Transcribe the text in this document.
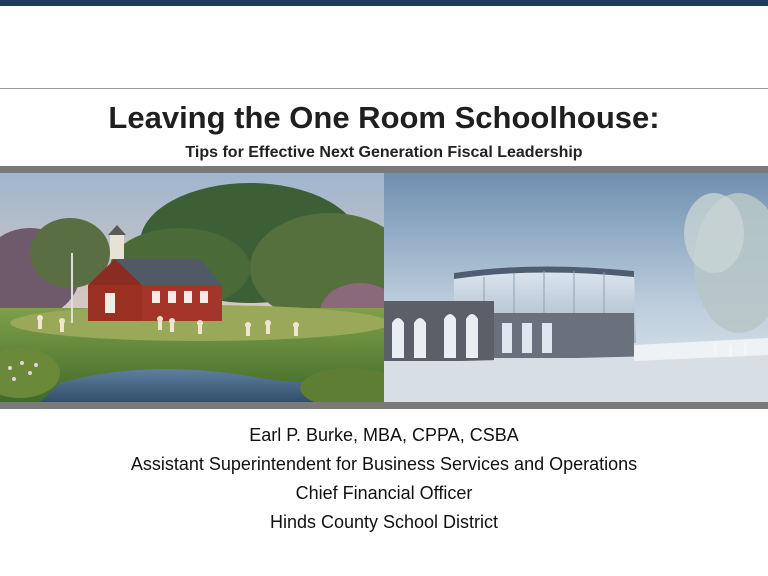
Leaving the One Room Schoolhouse:
Tips for Effective Next Generation Fiscal Leadership
Earl P. Burke, MBA, CPPA, CSBA
Assistant Superintendent for Business Services and Operations
Chief Financial Officer
Hinds County School District
